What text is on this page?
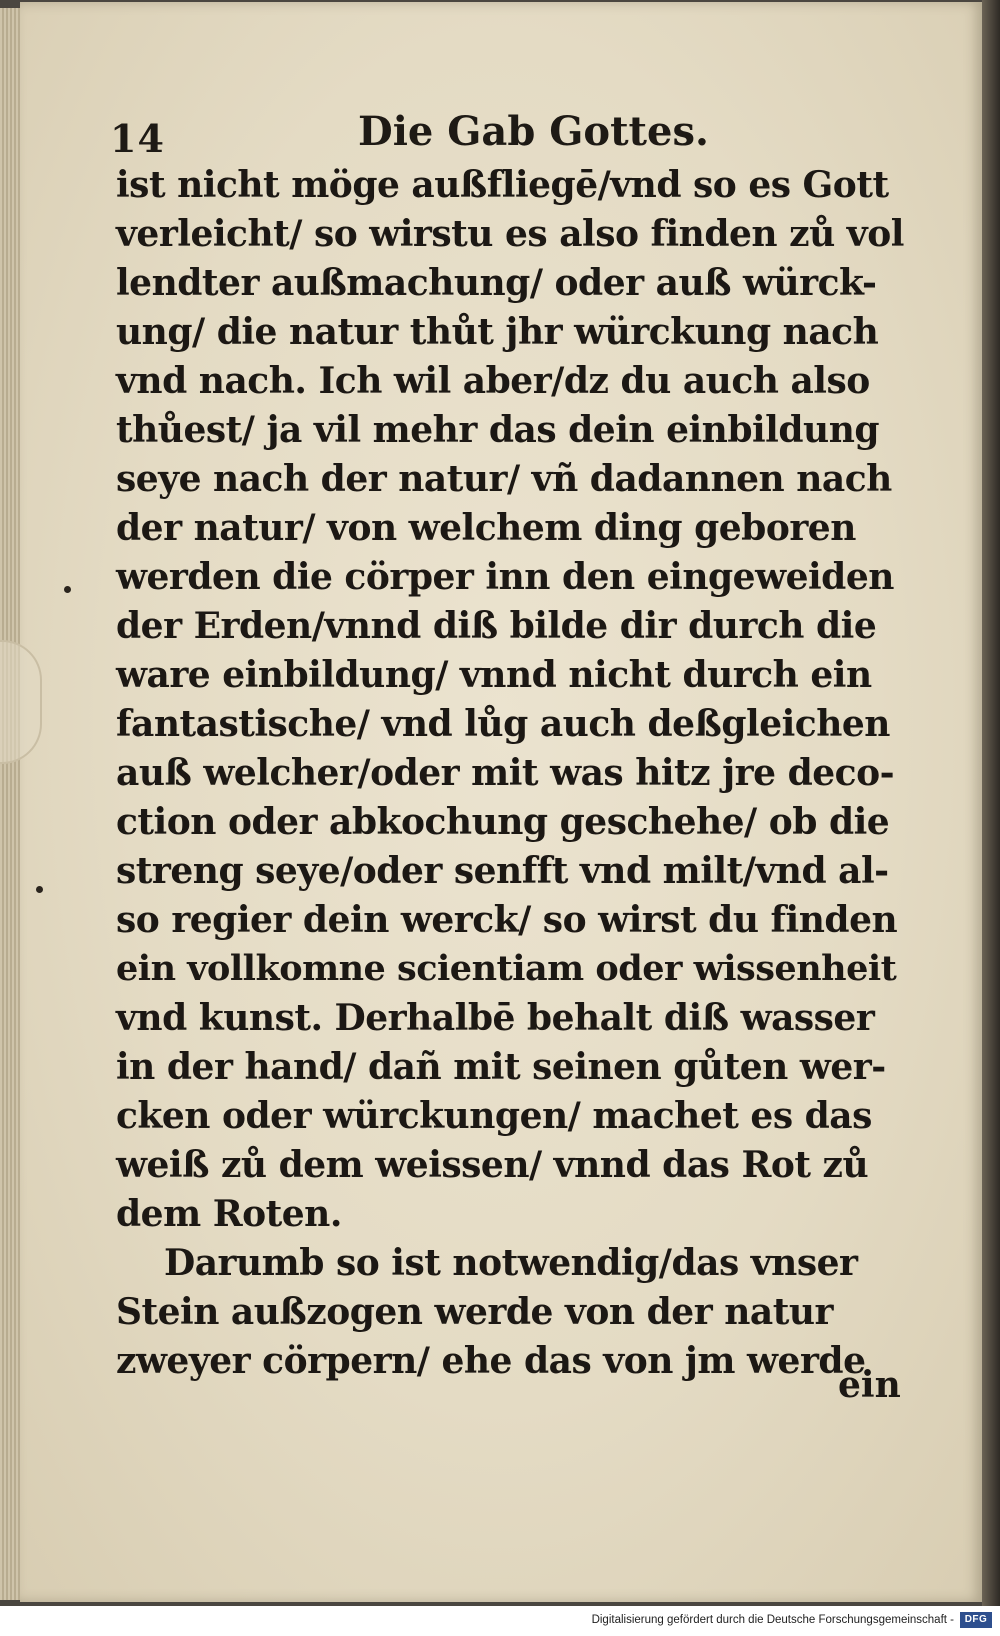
14	Die Gab Gottes.
ist nicht möge außfliegē/vnd so es Gott
verleicht/ so wirstu es also finden zů vol
lendter außmachung/ oder auß würck-
ung/ die natur thůt jhr würckung nach
vnd nach. Ich wil aber/dz du auch also
thůest/ ja vil mehr das dein einbildung
seye nach der natur/ vñ dadannen nach
der natur/ von welchem ding geboren
werden die cörper inn den eingeweiden
der Erden/vnnd diß bilde dir durch die
ware einbildung/ vnnd nicht durch ein
fantastische/ vnd lůg auch deßgleichen
auß welcher/oder mit was hitz jre deco-
ction oder abkochung geschehe/ ob die
streng seye/oder senfft vnd milt/vnd al-
so regier dein werck/ so wirst du finden
ein vollkomne scientiam oder wissenheit
vnd kunst. Derhalbē behalt diß wasser
in der hand/ dañ mit seinen gůten wer-
cken oder würckungen/ machet es das
weiß zů dem weissen/ vnnd das Rot zů
dem Roten.
Darumb so ist notwendig/das vnser
Stein außzogen werde von der natur
zweyer cörpern/ ehe das von jm werde
ein
Digitalisierung gefördert durch die Deutsche Forschungsgemeinschaft -	DFG
